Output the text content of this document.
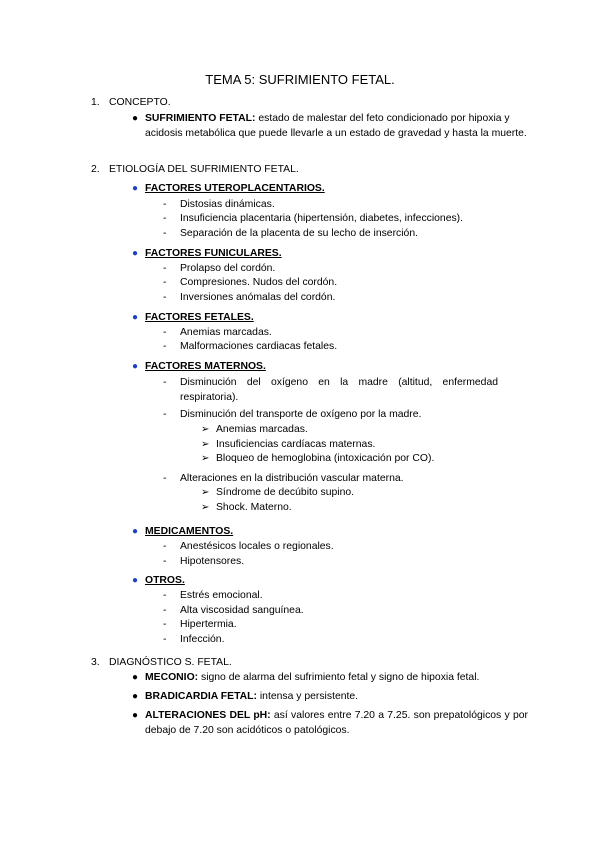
TEMA 5: SUFRIMIENTO FETAL.
1. CONCEPTO.
● SUFRIMIENTO FETAL: estado de malestar del feto condicionado por hipoxia y acidosis metabólica que puede llevarle a un estado de gravedad y hasta la muerte.
2. ETIOLOGÍA DEL SUFRIMIENTO FETAL.
● FACTORES UTEROPLACENTARIOS.
- Distosias dinámicas.
- Insuficiencia placentaria (hipertensión, diabetes, infecciones).
- Separación de la placenta de su lecho de inserción.
● FACTORES FUNICULARES.
- Prolapso del cordón.
- Compresiones. Nudos del cordón.
- Inversiones anómalas del cordón.
● FACTORES FETALES.
- Anemias marcadas.
- Malformaciones cardiacas fetales.
● FACTORES MATERNOS.
- Disminución del oxígeno en la madre (altitud, enfermedad respiratoria).
- Disminución del transporte de oxígeno por la madre.
➢ Anemias marcadas.
➢ Insuficiencias cardíacas maternas.
➢ Bloqueo de hemoglobina (intoxicación por CO).
- Alteraciones en la distribución vascular materna.
➢ Síndrome de decúbito supino.
➢ Shock. Materno.
● MEDICAMENTOS.
- Anestésicos locales o regionales.
- Hipotensores.
● OTROS.
- Estrés emocional.
- Alta viscosidad sanguínea.
- Hipertermia.
- Infección.
3. DIAGNÓSTICO S. FETAL.
● MECONIO: signo de alarma del sufrimiento fetal y signo de hipoxia fetal.
● BRADICARDIA FETAL: intensa y persistente.
● ALTERACIONES DEL pH: así valores entre 7.20 a 7.25. son prepatológicos y por debajo de 7.20 son acidóticos o patológicos.
